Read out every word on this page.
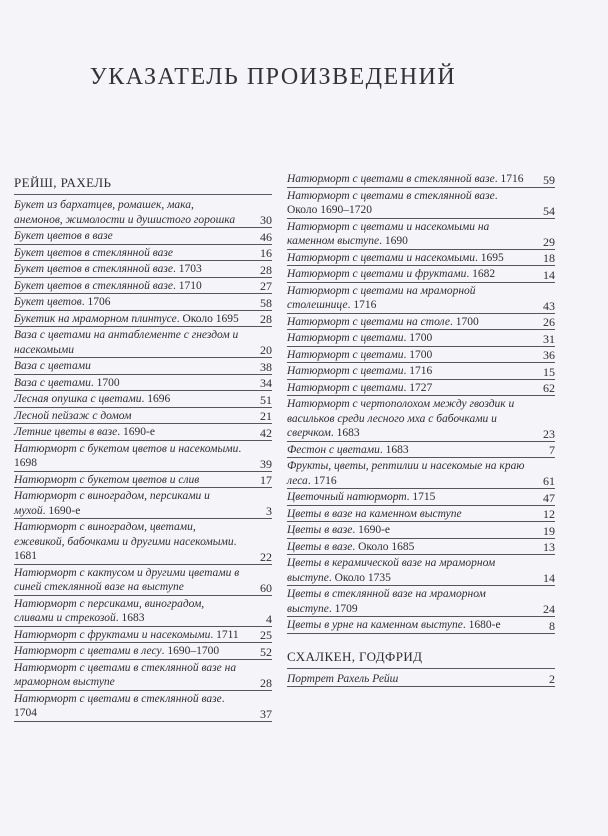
УКАЗАТЕЛЬ ПРОИЗВЕДЕНИЙ
РЕЙШ, РАХЕЛЬ
Букет из бархатцев, ромашек, мака, анемонов, жимолости и душистого горошка	30
Букет цветов в вазе	46
Букет цветов в стеклянной вазе	16
Букет цветов в стеклянной вазе. 1703	28
Букет цветов в стеклянной вазе. 1710	27
Букет цветов. 1706	58
Букетик на мраморном плинтусе. Около 1695 28
Ваза с цветами на антаблементе с гнездом и насекомыми	20
Ваза с цветами	38
Ваза с цветами. 1700	34
Лесная опушка с цветами. 1696	51
Лесной пейзаж с домом	21
Летние цветы в вазе. 1690-е	42
Натюрморт с букетом цветов и насекомыми. 1698	39
Натюрморт с букетом цветов и слив	17
Натюрморт с виноградом, персиками и мухой. 1690-е	3
Натюрморт с виноградом, цветами, ежевикой, бабочками и другими насекомыми. 1681	22
Натюрморт с кактусом и другими цветами в синей стеклянной вазе на выступе	60
Натюрморт с персиками, виноградом, сливами и стрекозой. 1683	4
Натюрморт с фруктами и насекомыми. 1711 25
Натюрморт с цветами в лесу. 1690–1700	52
Натюрморт с цветами в стеклянной вазе на мраморном выступе	28
Натюрморт с цветами в стеклянной вазе. 1704	37
Натюрморт с цветами в стеклянной вазе. 1716 59
Натюрморт с цветами в стеклянной вазе. Около 1690–1720	54
Натюрморт с цветами и насекомыми на каменном выступе. 1690	29
Натюрморт с цветами и насекомыми. 1695	18
Натюрморт с цветами и фруктами. 1682	14
Натюрморт с цветами на мраморной столешнице. 1716	43
Натюрморт с цветами на столе. 1700	26
Натюрморт с цветами. 1700	31
Натюрморт с цветами. 1700	36
Натюрморт с цветами. 1716	15
Натюрморт с цветами. 1727	62
Натюрморт с чертополохом между гвоздик и васильков среди лесного мха с бабочками и сверчком. 1683	23
Фестон с цветами. 1683	7
Фрукты, цветы, рептилии и насекомые на краю леса. 1716	61
Цветочный натюрморт. 1715	47
Цветы в вазе на каменном выступе	12
Цветы в вазе. 1690-е	19
Цветы в вазе. Около 1685	13
Цветы в керамической вазе на мраморном выступе. Около 1735	14
Цветы в стеклянной вазе на мраморном выступе. 1709	24
Цветы в урне на каменном выступе. 1680-е	8
СХАЛКЕН, ГОДФРИД
Портрет Рахель Рейш	2
